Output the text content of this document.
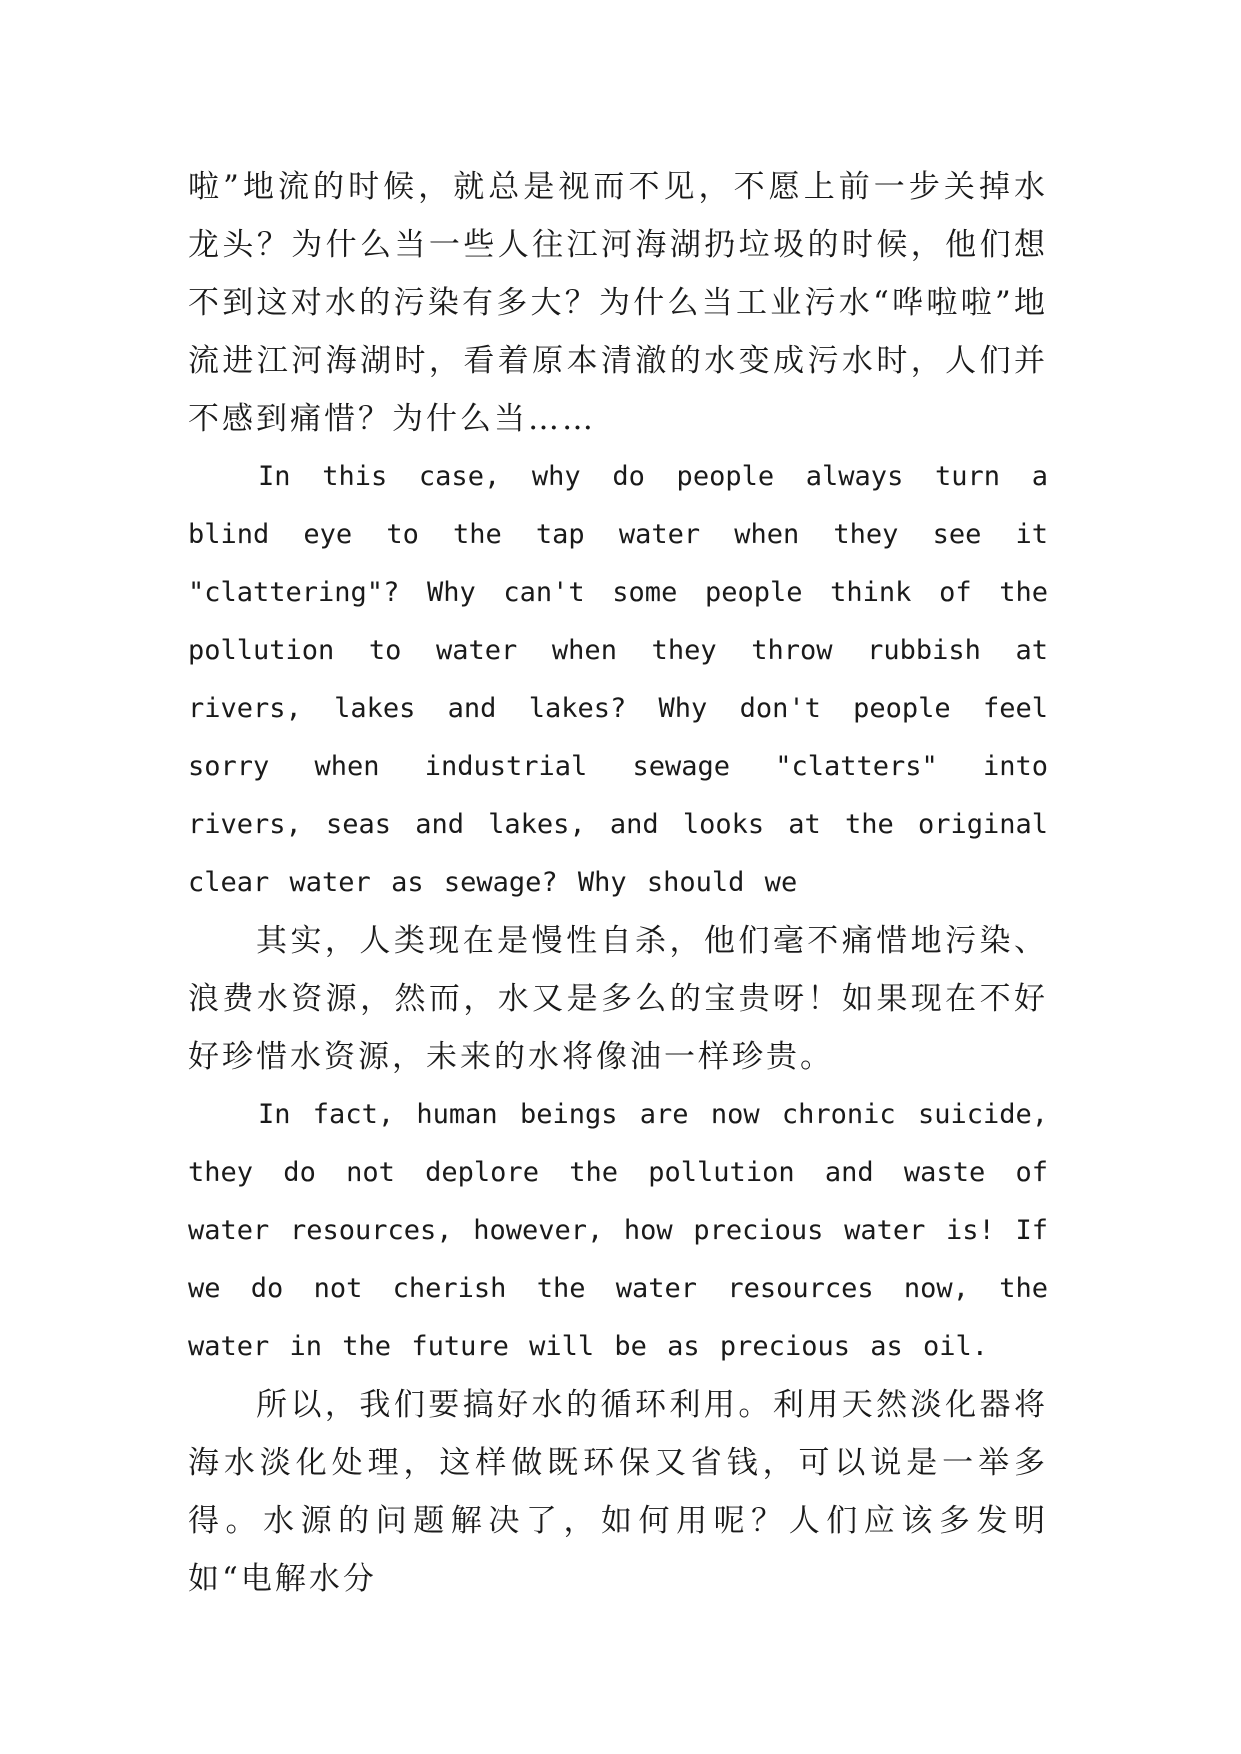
啦”地流的时候，就总是视而不见，不愿上前一步关掉水龙头？为什么当一些人往江河海湖扔垃圾的时候，他们想不到这对水的污染有多大？为什么当工业污水“哗啦啦”地流进江河海湖时，看着原本清澈的水变成污水时，人们并不感到痛惜？为什么当……

In this case, why do people always turn a blind eye to the tap water when they see it "clattering"? Why can't some people think of the pollution to water when they throw rubbish at rivers, lakes and lakes? Why don't people feel sorry when industrial sewage "clatters" into rivers, seas and lakes, and looks at the original clear water as sewage? Why should we

其实，人类现在是慢性自杀，他们毫不痛惜地污染、浪费水资源，然而，水又是多么的宝贵呀！如果现在不好好珍惜水资源，未来的水将像油一样珍贵。

In fact, human beings are now chronic suicide, they do not deplore the pollution and waste of water resources, however, how precious water is! If we do not cherish the water resources now, the water in the future will be as precious as oil.

所以，我们要搞好水的循环利用。利用天然淡化器将海水淡化处理，这样做既环保又省钱，可以说是一举多得。水源的问题解决了，如何用呢？人们应该多发明如“电解水分
